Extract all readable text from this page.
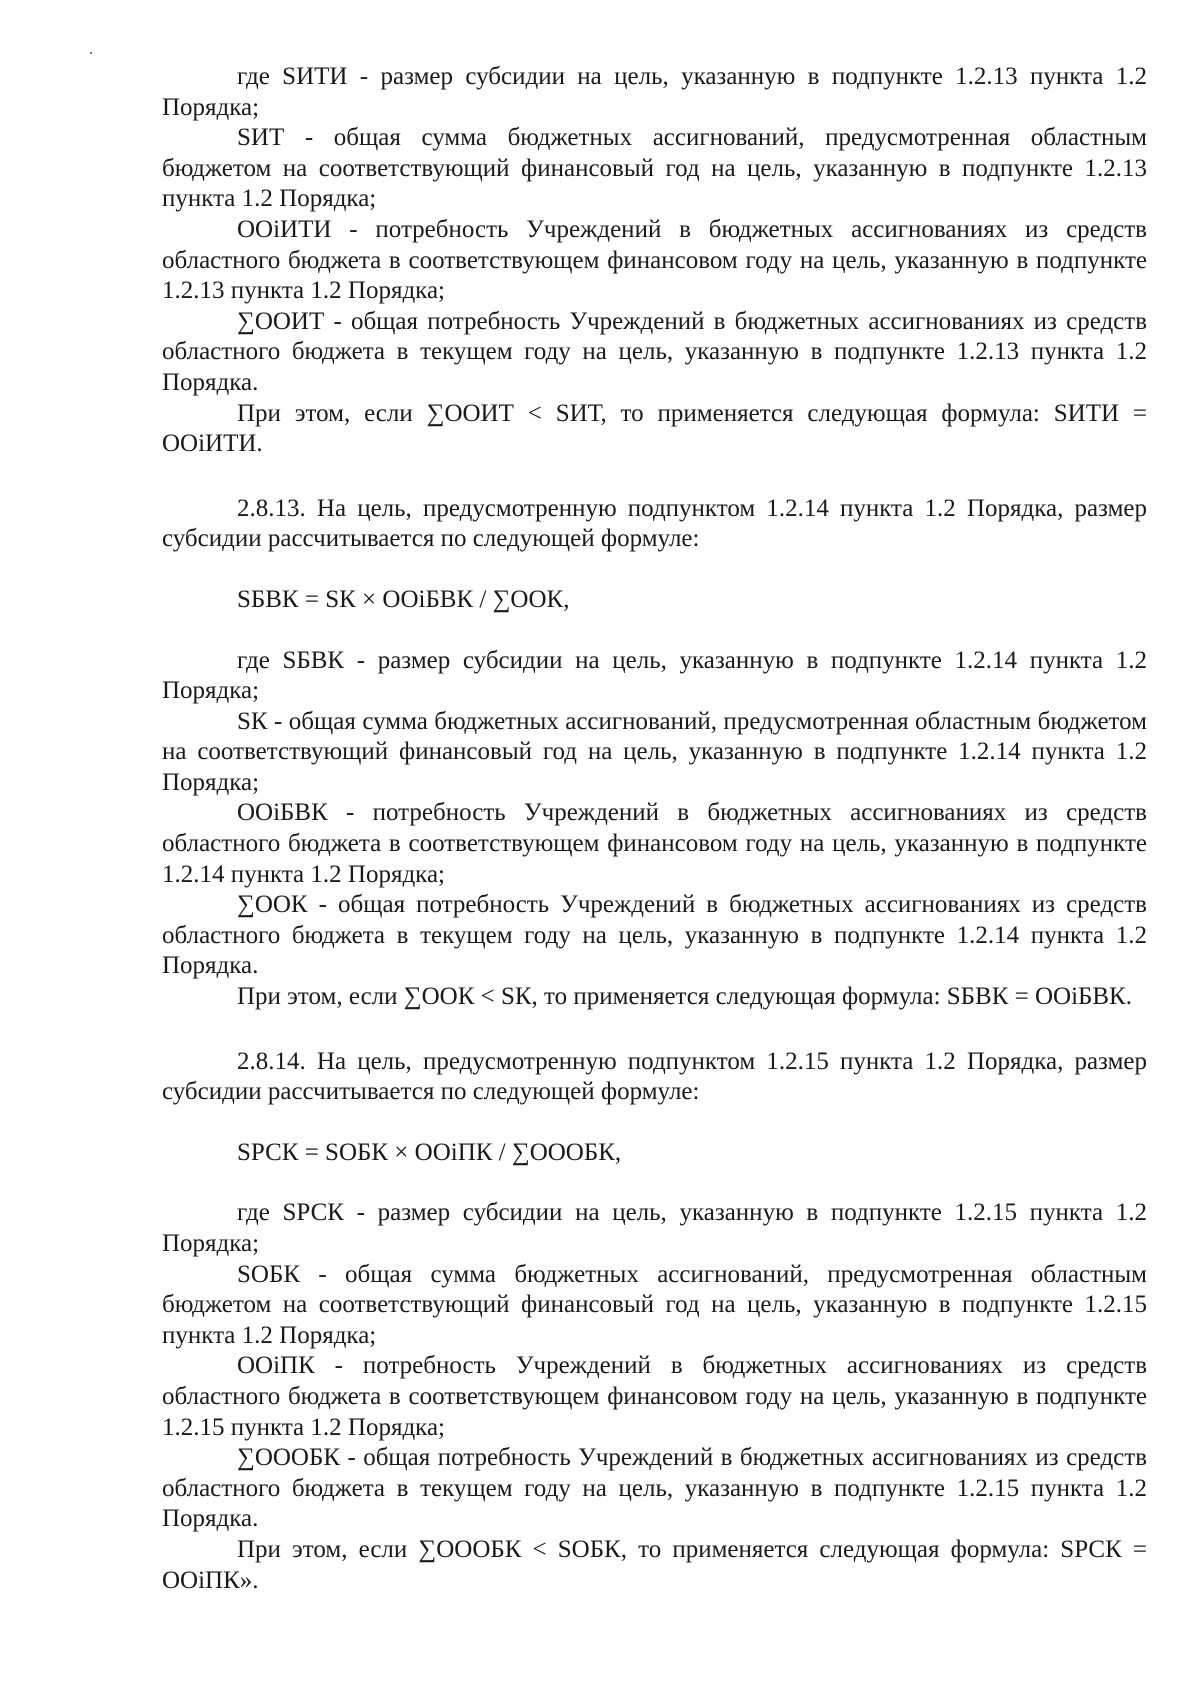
где SИТИ - размер субсидии на цель, указанную в подпункте 1.2.13 пункта 1.2 Порядка;

SИТ - общая сумма бюджетных ассигнований, предусмотренная областным бюджетом на соответствующий финансовый год на цель, указанную в подпункте 1.2.13 пункта 1.2 Порядка;

OOiИТИ - потребность Учреждений в бюджетных ассигнованиях из средств областного бюджета в соответствующем финансовом году на цель, указанную в подпункте 1.2.13 пункта 1.2 Порядка;

∑OOИТ - общая потребность Учреждений в бюджетных ассигнованиях из средств областного бюджета в текущем году на цель, указанную в подпункте 1.2.13 пункта 1.2 Порядка.

При этом, если ∑OOИТ < SИТ, то применяется следующая формула: SИТИ = OOiИТИ.

2.8.13. На цель, предусмотренную подпунктом 1.2.14 пункта 1.2 Порядка, размер субсидии рассчитывается по следующей формуле:

SБВК = SК × OOiБВК / ∑OOК,

где SБВК - размер субсидии на цель, указанную в подпункте 1.2.14 пункта 1.2 Порядка;

SК - общая сумма бюджетных ассигнований, предусмотренная областным бюджетом на соответствующий финансовый год на цель, указанную в подпункте 1.2.14 пункта 1.2 Порядка;

OOiБВК - потребность Учреждений в бюджетных ассигнованиях из средств областного бюджета в соответствующем финансовом году на цель, указанную в подпункте 1.2.14 пункта 1.2 Порядка;

∑OOК - общая потребность Учреждений в бюджетных ассигнованиях из средств областного бюджета в текущем году на цель, указанную в подпункте 1.2.14 пункта 1.2 Порядка.

При этом, если ∑OOК < SК, то применяется следующая формула: SБВК = OOiБВК.

2.8.14. На цель, предусмотренную подпунктом 1.2.15 пункта 1.2 Порядка, размер субсидии рассчитывается по следующей формуле:

SРСК = SОБК × OOiПК / ∑OOОБК,

где SРСК - размер субсидии на цель, указанную в подпункте 1.2.15 пункта 1.2 Порядка;

SОБК - общая сумма бюджетных ассигнований, предусмотренная областным бюджетом на соответствующий финансовый год на цель, указанную в подпункте 1.2.15 пункта 1.2 Порядка;

OOiПК - потребность Учреждений в бюджетных ассигнованиях из средств областного бюджета в соответствующем финансовом году на цель, указанную в подпункте 1.2.15 пункта 1.2 Порядка;

∑OOОБК - общая потребность Учреждений в бюджетных ассигнованиях из средств областного бюджета в текущем году на цель, указанную в подпункте 1.2.15 пункта 1.2 Порядка.

При этом, если ∑OOОБК < SОБК, то применяется следующая формула: SРСК = OOiПК».
